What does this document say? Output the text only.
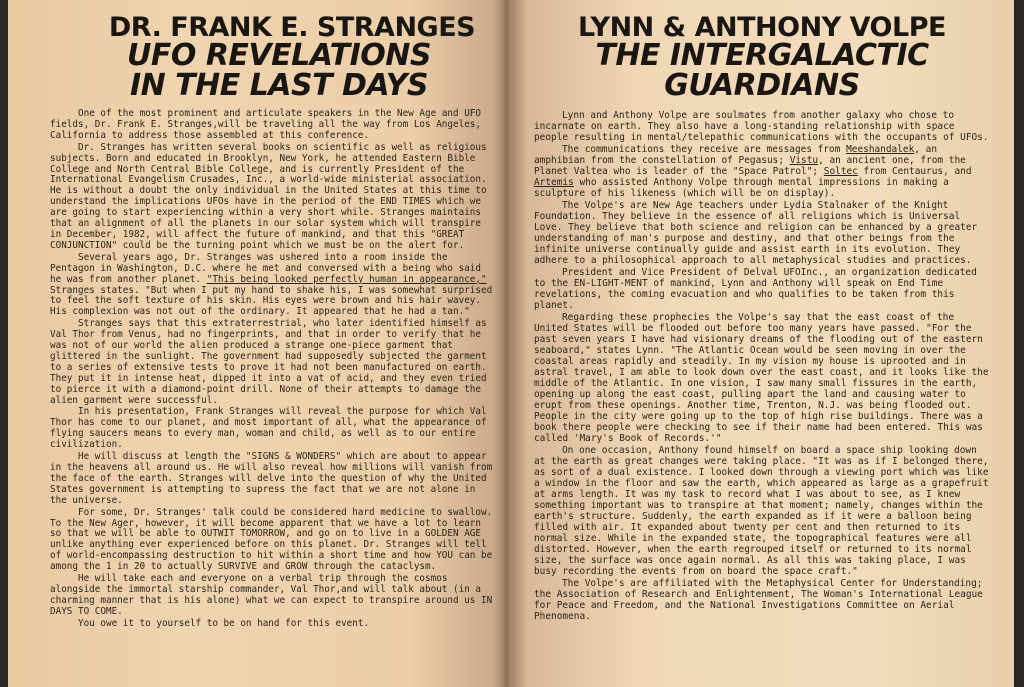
DR. FRANK E. STRANGES
UFO REVELATIONS
IN THE LAST DAYS

One of the most prominent and articulate speakers in the New Age and UFO fields, Dr. Frank E. Stranges,will be traveling all the way from Los Angeles, California to address those assembled at this conference.

Dr. Stranges has written several books on scientific as well as religious subjects. Born and educated in Brooklyn, New York, he attended Eastern Bible College and North Central Bible College, and is currently President of the International Evangelism Crusades, Inc., a world-wide ministerial association. He is without a doubt the only individual in the United States at this time to understand the implications UFOs have in the period of the END TIMES which we are going to start experiencing within a very short while. Stranges maintains that an alignment of all the planets in our solar system which will transpire in December, 1982, will affect the future of mankind, and that this "GREAT CONJUNCTION" could be the turning point which we must be on the alert for.

Several years ago, Dr. Stranges was ushered into a room inside the Pentagon in Washington, D.C. where he met and conversed with a being who said he was from another planet. "This being looked perfectly human in appearance," Stranges states. "But when I put my hand to shake his, I was somewhat surprised to feel the soft texture of his skin. His eyes were brown and his hair wavey. His complexion was not out of the ordinary. It appeared that he had a tan."

Stranges says that this extraterrestrial, who later identified himself as Val Thor from Venus, had no fingerprints, and that in order to verify that he was not of our world the alien produced a strange one-piece garment that glittered in the sunlight. The government had supposedly subjected the garment to a series of extensive tests to prove it had not been manufactured on earth. They put it in intense heat, dipped it into a vat of acid, and they even tried to pierce it with a diamond-point drill. None of their attempts to damage the alien garment were successful.

In his presentation, Frank Stranges will reveal the purpose for which Val Thor has come to our planet, and most important of all, what the appearance of flying saucers means to every man, woman and child, as well as to our entire civilization.

He will discuss at length the "SIGNS & WONDERS" which are about to appear in the heavens all around us. He will also reveal how millions will vanish from the face of the earth. Stranges will delve into the question of why the United States government is attempting to supress the fact that we are not alone in the universe.

For some, Dr. Stranges' talk could be considered hard medicine to swallow. To the New Ager, however, it will become apparent that we have a lot to learn so that we will be able to OUTWIT TOMORROW, and go on to live in a GOLDEN AGE unlike anything ever experienced before on this planet. Dr. Stranges will tell of world-encompassing destruction to hit within a short time and how YOU can be among the 1 in 20 to actually SURVIVE and GROW through the cataclysm.

He will take each and everyone on a verbal trip through the cosmos alongside the immortal starship commander, Val Thor,and will talk about (in a charming manner that is his alone) what we can expect to transpire around us IN DAYS TO COME.

You owe it to yourself to be on hand for this event.

LYNN & ANTHONY VOLPE
THE INTERGALACTIC
GUARDIANS

Lynn and Anthony Volpe are soulmates from another galaxy who chose to incarnate on earth. They also have a long-standing relationship with space people resulting in mental/telepathic communications with the occupants of UFOs.

The communications they receive are messages from Meeshandalek, an amphibian from the constellation of Pegasus; Vistu, an ancient one, from the Planet Valtea who is leader of the "Space Patrol"; Soltec from Centaurus, and Artemis who assisted Anthony Volpe through mental impressions in making a sculpture of his likeness (which will be on display).

The Volpe's are New Age teachers under Lydia Stalnaker of the Knight Foundation. They believe in the essence of all religions which is Universal Love. They believe that both science and religion can be enhanced by a greater understanding of man's purpose and destiny, and that other beings from the infinite universe continually guide and assist earth in its evolution. They adhere to a philosophical approach to all metaphysical studies and practices.

President and Vice President of Delval UFOInc., an organization dedicated to the EN-LIGHT-MENT of mankind, Lynn and Anthony will speak on End Time revelations, the coming evacuation and who qualifies to be taken from this planet.

Regarding these prophecies the Volpe's say that the east coast of the United States will be flooded out before too many years have passed. "For the past seven years I have had visionary dreams of the flooding out of the eastern seaboard," states Lynn. "The Atlantic Ocean would be seen moving in over the coastal areas rapidly and steadily. In my vision my house is uprooted and in astral travel, I am able to look down over the east coast, and it looks like the middle of the Atlantic. In one vision, I saw many small fissures in the earth, opening up along the east coast, pulling apart the land and causing water to erupt from these openings. Another time, Trenton, N.J. was being flooded out. People in the city were going up to the top of high rise buildings. There was a book there people were checking to see if their name had been entered. This was called 'Mary's Book of Records.'"

On one occasion, Anthony found himself on board a space ship looking down at the earth as great changes were taking place. "It was as if I belonged there, as sort of a dual existence. I looked down through a viewing port which was like a window in the floor and saw the earth, which appeared as large as a grapefruit at arms length. It was my task to record what I was about to see, as I knew something important was to transpire at that moment; namely, changes within the earth's structure. Suddenly, the earth expanded as if it were a balloon being filled with air. It expanded about twenty per cent and then returned to its normal size. While in the expanded state, the topographical features were all distorted. However, when the earth regrouped itself or returned to its normal size, the surface was once again normal. As all this was taking place, I was busy recording the events from on board the space craft."

The Volpe's are affiliated with the Metaphysical Center for Understanding; the Association of Research and Enlightenment, The Woman's International League for Peace and Freedom, and the National Investigations Committee on Aerial Phenomena.
